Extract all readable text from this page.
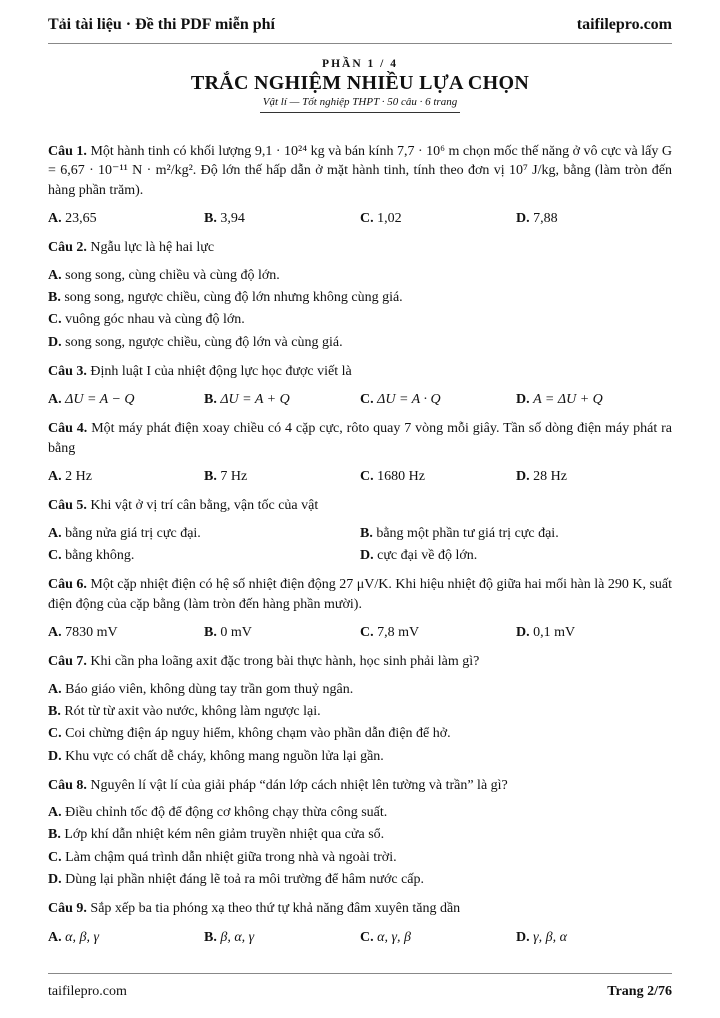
Tải tài liệu · Đề thi PDF miễn phí	taifilepro.com
PHẦN 1 / 4
TRẮC NGHIỆM NHIỀU LỰA CHỌN
Vật lí — Tốt nghiệp THPT · 50 câu · 6 trang
Câu 1. Một hành tinh có khối lượng 9,1 · 10²⁴ kg và bán kính 7,7 · 10⁶ m chọn mốc thế năng ở vô cực và lấy G = 6,67 · 10⁻¹¹ N · m²/kg². Độ lớn thế hấp dẫn ở mặt hành tinh, tính theo đơn vị 10⁷ J/kg, bằng (làm tròn đến hàng phần trăm).
A. 23,65	B. 3,94	C. 1,02	D. 7,88
Câu 2. Ngẫu lực là hệ hai lực
A. song song, cùng chiều và cùng độ lớn.
B. song song, ngược chiều, cùng độ lớn nhưng không cùng giá.
C. vuông góc nhau và cùng độ lớn.
D. song song, ngược chiều, cùng độ lớn và cùng giá.
Câu 3. Định luật I của nhiệt động lực học được viết là
A. ΔU = A − Q	B. ΔU = A + Q	C. ΔU = A · Q	D. A = ΔU + Q
Câu 4. Một máy phát điện xoay chiều có 4 cặp cực, rôto quay 7 vòng mỗi giây. Tần số dòng điện máy phát ra bằng
A. 2 Hz	B. 7 Hz	C. 1680 Hz	D. 28 Hz
Câu 5. Khi vật ở vị trí cân bằng, vận tốc của vật
A. bằng nửa giá trị cực đại.	B. bằng một phần tư giá trị cực đại.
C. bằng không.	D. cực đại về độ lớn.
Câu 6. Một cặp nhiệt điện có hệ số nhiệt điện động 27 μV/K. Khi hiệu nhiệt độ giữa hai mối hàn là 290 K, suất điện động của cặp bằng (làm tròn đến hàng phần mười).
A. 7830 mV	B. 0 mV	C. 7,8 mV	D. 0,1 mV
Câu 7. Khi cần pha loãng axit đặc trong bài thực hành, học sinh phải làm gì?
A. Báo giáo viên, không dùng tay trần gom thuỷ ngân.
B. Rót từ từ axit vào nước, không làm ngược lại.
C. Coi chừng điện áp nguy hiểm, không chạm vào phần dẫn điện để hở.
D. Khu vực có chất dễ cháy, không mang nguồn lửa lại gần.
Câu 8. Nguyên lí vật lí của giải pháp “dán lớp cách nhiệt lên tường và trần” là gì?
A. Điều chỉnh tốc độ để động cơ không chạy thừa công suất.
B. Lớp khí dẫn nhiệt kém nên giảm truyền nhiệt qua cửa sổ.
C. Làm chậm quá trình dẫn nhiệt giữa trong nhà và ngoài trời.
D. Dùng lại phần nhiệt đáng lẽ toả ra môi trường để hâm nước cấp.
Câu 9. Sắp xếp ba tia phóng xạ theo thứ tự khả năng đâm xuyên tăng dần
A. α, β, γ	B. β, α, γ	C. α, γ, β	D. γ, β, α
taifilepro.com	Trang 2/76
